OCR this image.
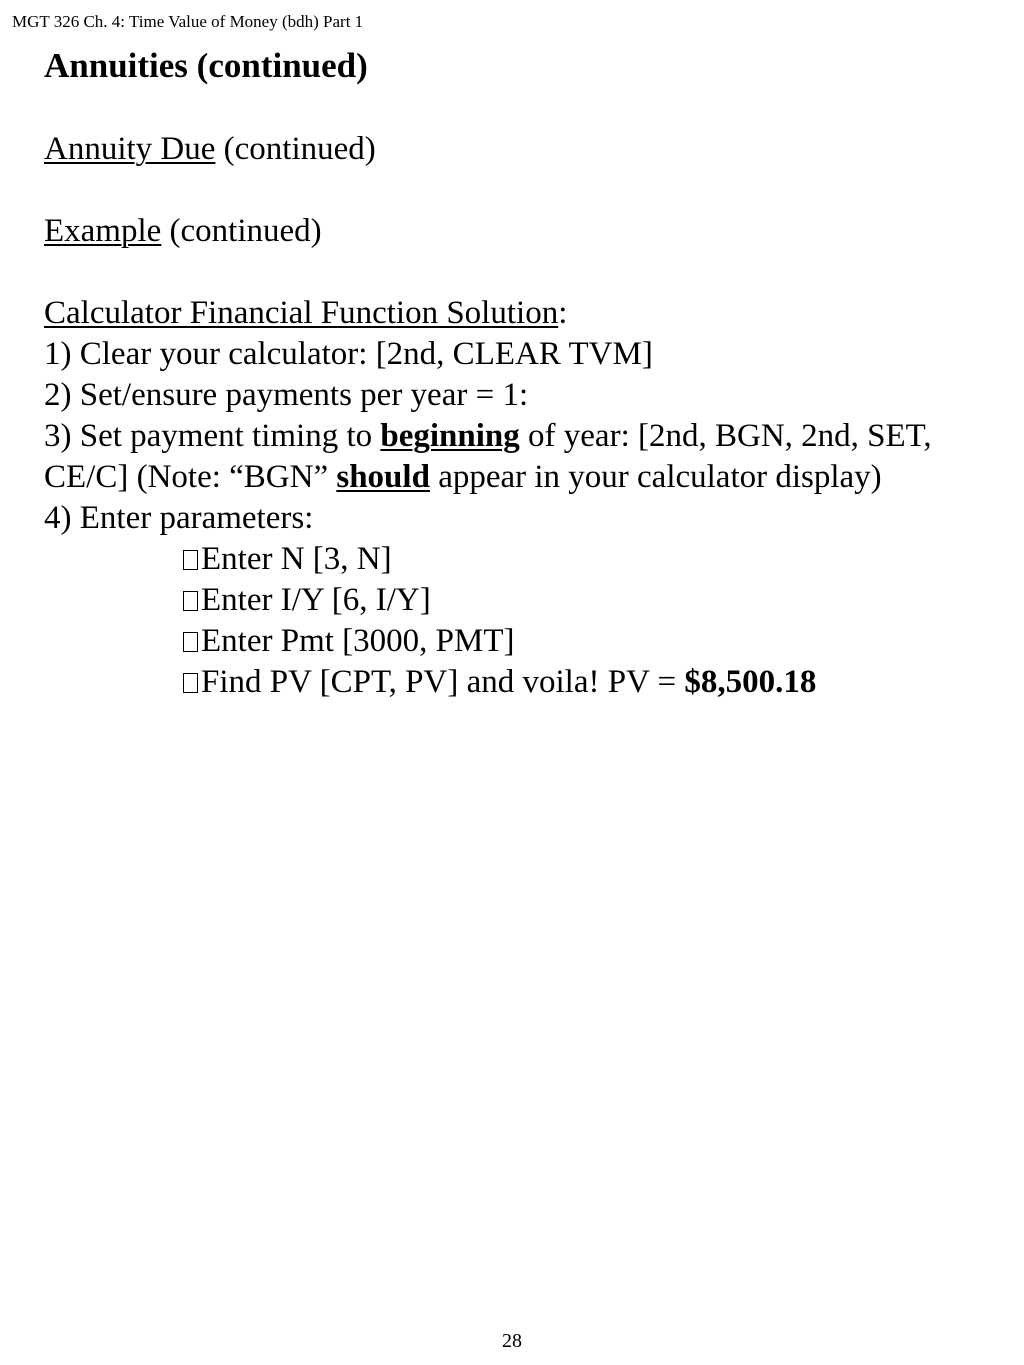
MGT 326 Ch. 4: Time Value of Money (bdh) Part 1
Annuities (continued)
Annuity Due (continued)
Example (continued)
Calculator Financial Function Solution:
1) Clear your calculator: [2nd, CLEAR TVM]
2) Set/ensure payments per year = 1:
3) Set payment timing to beginning of year: [2nd, BGN, 2nd, SET,
CE/C] (Note: “BGN” should appear in your calculator display)
4) Enter parameters:
Enter N [3, N]
Enter I/Y [6, I/Y]
Enter Pmt [3000, PMT]
Find PV [CPT, PV] and voila! PV = $8,500.18
28
